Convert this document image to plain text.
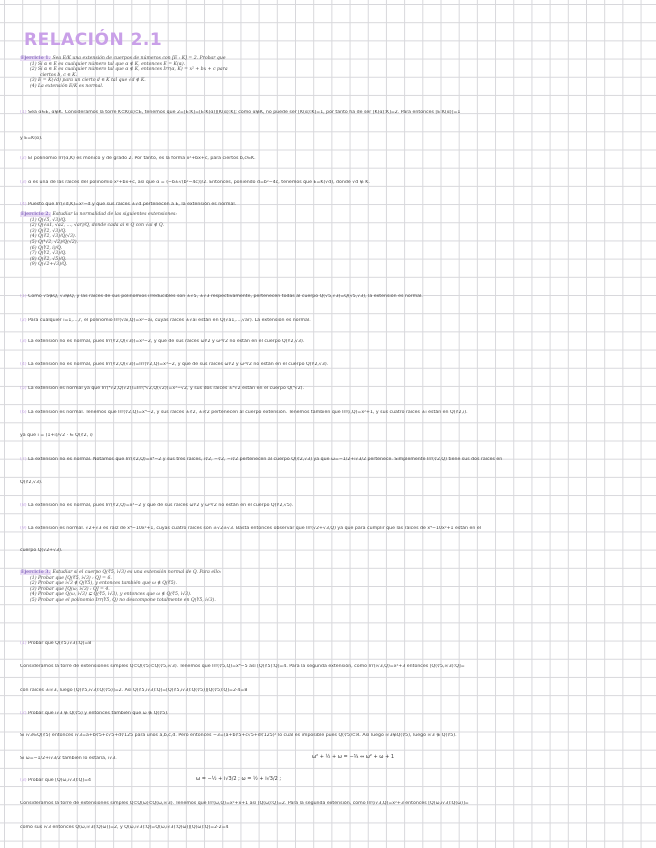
RELACIÓN 2.1
Ejercicio 1. Sea E/K una extensión de cuerpos de números con [E : K] = 2. Probar que
(1) Si α ∈ E es cualquier número tal que α ∉ K, entonces E = K(α).
(2) Si α ∈ E es cualquier número tal que α ∉ K, entonces Irr(α, K) = x² + bx + c para
ciertos b, c ∈ K.
(3) E = K(√d) para un cierto d ∈ K tal que √d ∉ K.
(4) La extensión E/K es normal.
(1) Sea α∈E, α∉K. Consideramos la torre K⊂K(α)⊂E, tenemos que 2=[E:K]=[E:K(α)][K(α):K]; como α∉K, no puede ser [K(α):K]=1, por tanto ha de ser [K(α):K]=2. Para entonces [E:K(α)]=1
y E=K(α).
(2) El polinomio Irr(α,K) es mónico y de grado 2. Por tanto, es la forma x²+bx+c, para ciertos b,c∈K.
(3) α es una de las raíces del polinomio x²+bx+c, así que α = (−b±√(b²−4c))/2. Entonces, poniendo d=b²−4c, tenemos que E=K(√d), donde √d ∉ K.
(4) Puesto que Irr(√d,K)=x²−d y que sus raíces ±√d pertenecen a E, la extensión es normal.
Ejercicio 2. Estudiar la normalidad de las siguientes extensiones:
(1) Q(√5, √3)/Q.
(2) Q(√a1, √a2, …, √ar)/Q, donde cada ai ∈ Q con √ai ∉ Q.
(3) Q(∛2, √3)/Q.
(4) Q(∛2, √3)/Q(√3).
(5) Q(⁴√2, √2)/Q(√2).
(6) Q(∜2, i)/Q.
(7) Q(∜2, √3)/Q.
(8) Q(∛2, √5)/Q.
(9) Q(√2+√3)/Q.
(1) Como √5∉Q, √3∉Q, y las raíces de sus polinomios irreducibles son ±√5, ±√3 respectivamente, pertenecen todas al cuerpo Q(√5,√3)=Q(√5,√3), la extensión es normal.
(2) Para cualquier i=1,…,r, el polinomio Irr(√ai,Q)=x²−ai, cuyas raíces ±√ai están en Q(√a1,…,√ar). La extensión es normal.
(3) La extensión no es normal, pues Irr(∛2,Q(√3))=x³−2, y que de sus raíces ω∛2 y ω²∛2 no están en el cuerpo Q(∛2,√3).
(4) La extensión no es normal, pues Irr(∛2,Q(√3))=Irr(∛2,Q)=x³−2, y que de sus raíces ω∛2 y ω²∛2 no están en el cuerpo Q(∛2,√3).
(5) La extensión es normal ya que Irr(⁴√2,Q(√2))=Irr(⁴√2,Q(√2))=x²−√2, y sus dos raíces ±⁴√2 están en el cuerpo Q(⁴√2).
(6) La extensión es normal. Tenemos que Irr(∜2,Q)=x⁴−2, y sus raíces ±∜2, ±i∜2 pertenecen al cuerpo extensión. Tenemos también que Irr(i,Q)=x²+1, y sus cuatro raíces ±i están en Q(∜2,i).
ya que i = (1+i)/√2 · ∈ Q(∜2, i)
(7) La extensión no es normal. Notamos que Irr(∜2,Q)=x⁴−2 y sus tres raíces, i∜2, −∜2, −i∜2 pertenecen al cuerpo Q(∜2,√3) ya que ω=−1/2+i√3/2 pertenece. Simplemente Irr(∜2,Q) tiene sus dos raíces en
Q(∜2,√3).
(8) La extensión no es normal, pues Irr(∛2,Q)=x³−2 y que de sus raíces ω∛2 y ω²∛2 no están en el cuerpo Q(∛2,√5).
(9) La extensión es normal. √2+√3 es raíz de x⁴−10x²+1, cuyas cuatro raíces son ±√2±√3. Basta entonces observar que Irr(√2+√3,Q) ya que para cumplir que las raíces de x⁴−10x²+1 están en el
cuerpo Q(√2+√3).
Ejercicio 3. Estudiar si el cuerpo Q(∜5, i√3) es una extensión normal de Q. Para ello:
(1) Probar que [Q(∜5, i√3) : Q] = 6.
(2) Probar que i√3 ∉ Q(∜5), y entonces también que ω ∉ Q(∜5).
(3) Probar que [Q(ω, i√3) : Q] = 4.
(4) Probar que Q(ω, i√3) ⊊ Q(∜5, i√3), y entonces que ω ∉ Q(∜5, i√3).
(5) Probar que el polinomio Irr(∜5, Q) no descompone totalmente en Q(∜5, i√3).
(1) Probar que Q(∜5,i√3):Q]=8
Consideramos la torre de extensiones simples Q⊂Q(∜5)⊂Q(∜5,i√3). Tenemos que Irr(∜5,Q)=x⁴−5 así [Q(∜5):Q]=4. Para la segunda extensión, como Irr(i√3,Q)=x²+3 entonces [Q(∜5,i√3):Q]=
con raíces ±i√3, luego [Q(∜5,i√3):Q(∜5)]=2. Así Q(∜5,i√3):Q]=[Q(∜5,i√3):Q(∜5)][Q(∜5):Q]=2·4=8
(2) Probar que i√3 ∉ Q(∜5) y entonces también que ω ∉ Q(∜5).
Si i√3∈Q(∜5) entonces i√3=a+b∜5+c√5+d∜125 para unos a,b,c,d. Pero entonces −3=(a+b∜5+c√5+d∜125)² lo cual es imposible pues Q(∜5)⊂ℝ. Así luego i√3∉Q(∜5), luego i√3 ∉ Q(∜5).
Si ω=−1/2+i√3/2 también lo estaría, i√3.
(3) Probar que [Q(ω,i√3):Q]=4
ω² + ½ + ω = −¾ ⇔ ω² + ω + 1
ω = −½ + i√3/2 ; ω = ½ + i√3/2 ;
Consideramos la torre de extensiones simples Q⊂Q(ω)⊂Q(ω,i√3). Tenemos que Irr(ω,Q)=x²+x+1 así [Q(ω):Q]=2. Para la segunda extensión, como Irr(i√3,Q)=x²+3 entonces [Q(ω,i√3):Q(ω)]=
como sus i√3 entonces Q(ω,i√3):Q(ω)]=2, y Q(ω,i√3):Q]=Q(ω,i√3):Q(ω)][Q(ω):Q]=2·2=4
